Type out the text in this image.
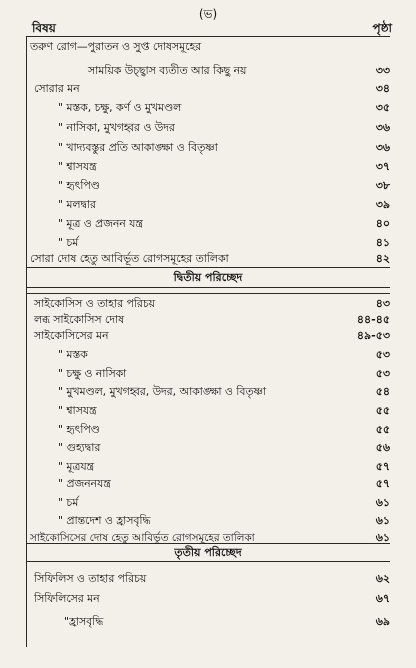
(ভ)
বিষয়	পৃষ্ঠা
তরুণ রোগ—পুরাতন ও সুপ্ত দোষসমূহের
সাময়িক উচ্ছ্বাস ব্যতীত আর কিছু নয়	৩৩
সোরার মন	৩৪
" মস্তক, চক্ষু, কর্ণ ও মুখমণ্ডল	৩৫
" নাসিকা, মুখগহ্বর ও উদর	৩৬
" খাদ্যবস্তুর প্রতি আকাঙ্ক্ষা ও বিতৃষ্ণা	৩৬
" শ্বাসযন্ত্র	৩৭
" হৃৎপিণ্ড	৩৮
" মলদ্বার	৩৯
" মূত্র ও প্রজনন যন্ত্র	৪০
" চর্ম	৪১
সোরা দোষ হেতু আবির্ভূত রোগসমূহের তালিকা	৪২
দ্বিতীয় পরিচ্ছেদ
সাইকোসিস ও তাহার পরিচয়	৪৩
লব্ধ সাইকোসিস দোষ	৪৪-৪৫
সাইকোসিসের মন	৪৯-৫৩
" মস্তক	৫৩
" চক্ষু ও নাসিকা	৫৩
" মুখমণ্ডল, মুখগহ্বর, উদর, আকাঙ্ক্ষা ও বিতৃষ্ণা	৫৪
" শ্বাসযন্ত্র	৫৫
" হৃৎপিণ্ড	৫৫
" গুহ্যদ্বার	৫৬
" মূত্রযন্ত্র	৫৭
" প্রজননযন্ত্র	৫৭
" চর্ম	৬১
" প্রান্তদেশ ও হ্রাসবৃদ্ধি	৬১
সাইকোসিসের দোষ হেতু আবির্ভূত রোগসমূহের তালিকা	৬১
তৃতীয় পরিচ্ছেদ
সিফিলিস ও তাহার পরিচয়	৬২
সিফিলিসের মন	৬৭
"হ্রাসবৃদ্ধি	৬৯
